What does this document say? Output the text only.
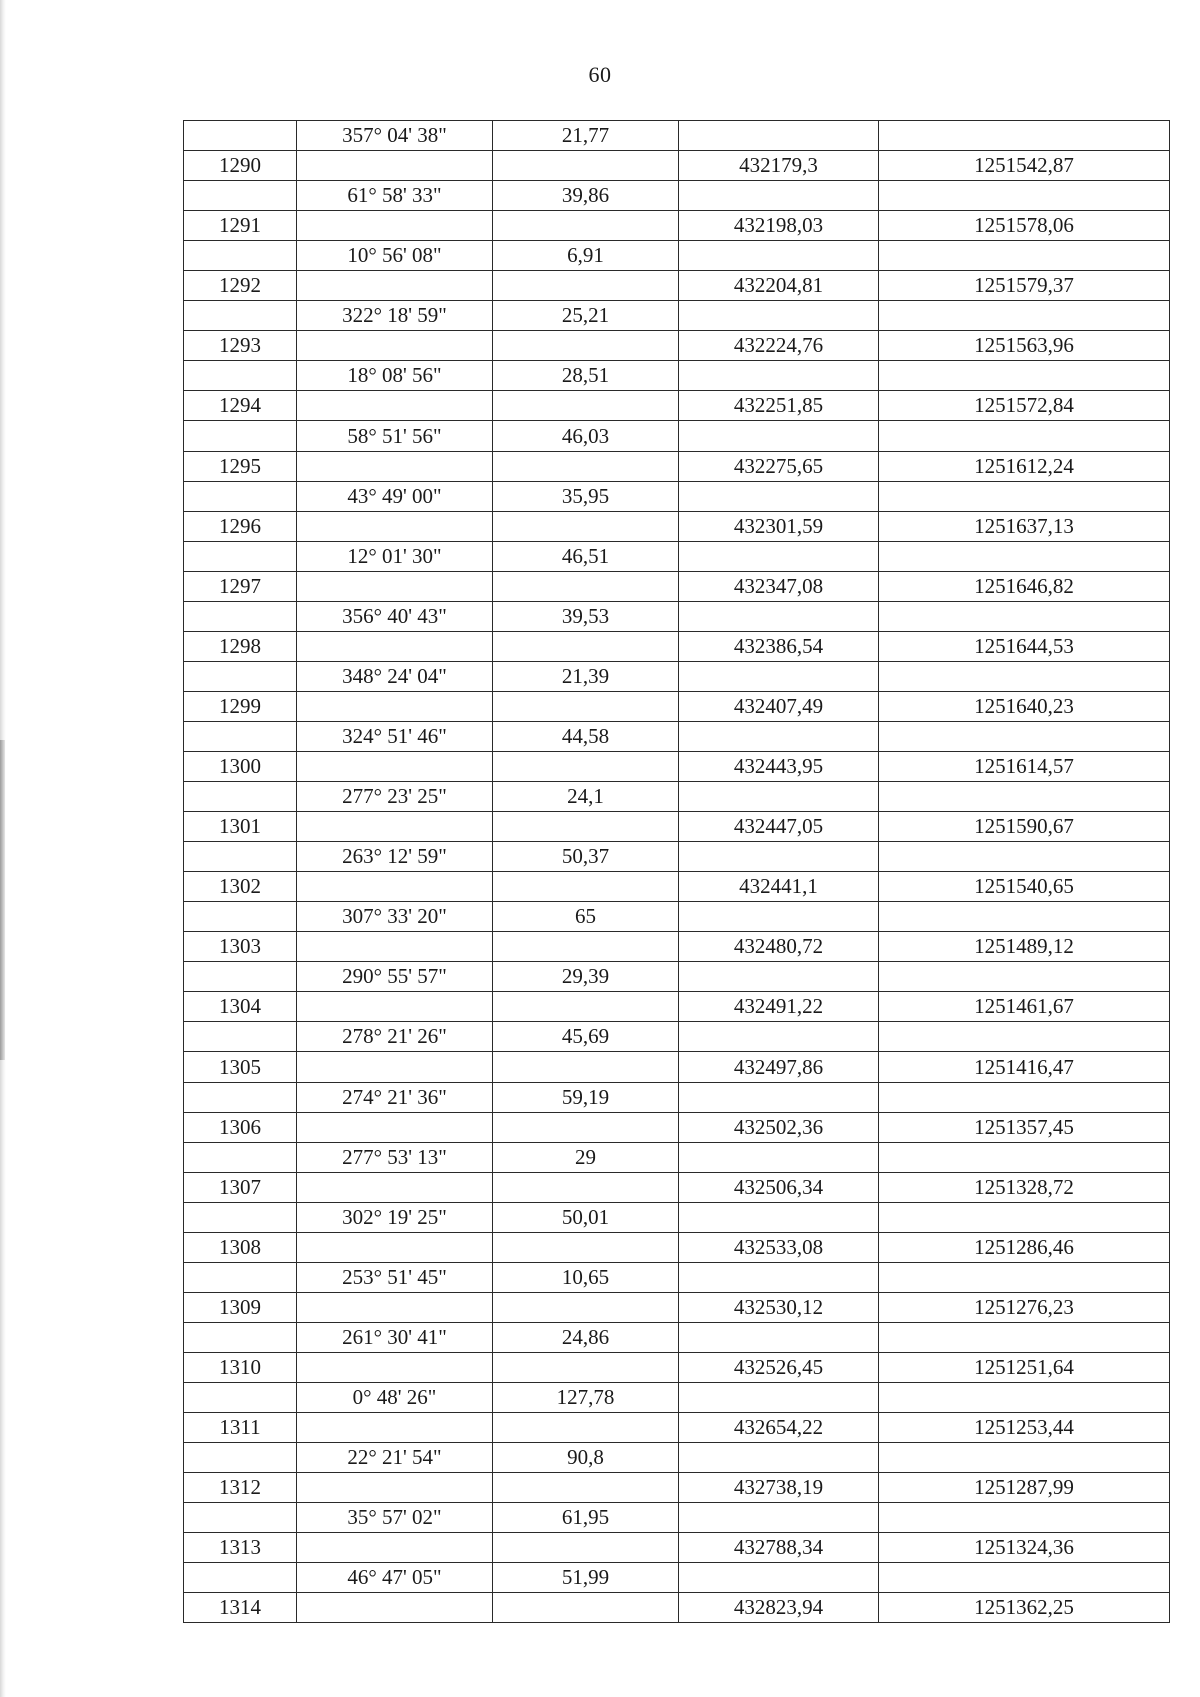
60
	357° 04' 38"	21,77		
1290			432179,3	1251542,87
	61° 58' 33"	39,86		
1291			432198,03	1251578,06
	10° 56' 08"	6,91		
1292			432204,81	1251579,37
	322° 18' 59"	25,21		
1293			432224,76	1251563,96
	18° 08' 56"	28,51		
1294			432251,85	1251572,84
	58° 51' 56"	46,03		
1295			432275,65	1251612,24
	43° 49' 00"	35,95		
1296			432301,59	1251637,13
	12° 01' 30"	46,51		
1297			432347,08	1251646,82
	356° 40' 43"	39,53		
1298			432386,54	1251644,53
	348° 24' 04"	21,39		
1299			432407,49	1251640,23
	324° 51' 46"	44,58		
1300			432443,95	1251614,57
	277° 23' 25"	24,1		
1301			432447,05	1251590,67
	263° 12' 59"	50,37		
1302			432441,1	1251540,65
	307° 33' 20"	65		
1303			432480,72	1251489,12
	290° 55' 57"	29,39		
1304			432491,22	1251461,67
	278° 21' 26"	45,69		
1305			432497,86	1251416,47
	274° 21' 36"	59,19		
1306			432502,36	1251357,45
	277° 53' 13"	29		
1307			432506,34	1251328,72
	302° 19' 25"	50,01		
1308			432533,08	1251286,46
	253° 51' 45"	10,65		
1309			432530,12	1251276,23
	261° 30' 41"	24,86		
1310			432526,45	1251251,64
	0° 48' 26"	127,78		
1311			432654,22	1251253,44
	22° 21' 54"	90,8		
1312			432738,19	1251287,99
	35° 57' 02"	61,95		
1313			432788,34	1251324,36
	46° 47' 05"	51,99		
1314			432823,94	1251362,25
